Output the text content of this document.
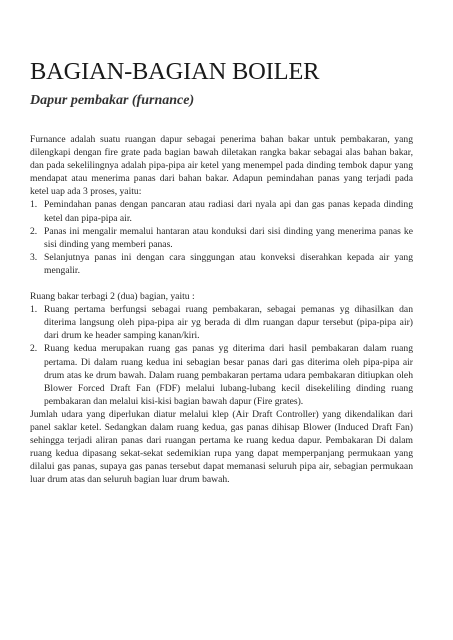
BAGIAN-BAGIAN BOILER
Dapur pembakar (furnance)

Furnance adalah suatu ruangan dapur sebagai penerima bahan bakar untuk pembakaran, yang dilengkapi dengan fire grate pada bagian bawah diletakan rangka bakar sebagai alas bahan bakar, dan pada sekelilingnya adalah pipa-pipa air ketel yang menempel pada dinding tembok dapur yang mendapat atau menerima panas dari bahan bakar. Adapun pemindahan panas yang terjadi pada ketel uap ada 3 proses, yaitu:

1. Pemindahan panas dengan pancaran atau radiasi dari nyala api dan gas panas kepada dinding ketel dan pipa-pipa air.
2. Panas ini mengalir memalui hantaran atau konduksi dari sisi dinding yang menerima panas ke sisi dinding yang memberi panas.
3. Selanjutnya panas ini dengan cara singgungan atau konveksi diserahkan kepada air yang mengalir.

Ruang bakar terbagi 2 (dua) bagian, yaitu :

1. Ruang pertama berfungsi sebagai ruang pembakaran, sebagai pemanas yg dihasilkan dan diterima langsung oleh pipa-pipa air yg berada di dlm ruangan dapur tersebut (pipa-pipa air) dari drum ke header samping kanan/kiri.
2. Ruang kedua merupakan ruang gas panas yg diterima dari hasil pembakaran dalam ruang pertama. Di dalam ruang kedua ini sebagian besar panas dari gas diterima oleh pipa-pipa air drum atas ke drum bawah. Dalam ruang pembakaran pertama udara pembakaran ditiupkan oleh Blower Forced Draft Fan (FDF) melalui lubang-lubang kecil disekeliling dinding ruang pembakaran dan melalui kisi-kisi bagian bawah dapur (Fire grates).

Jumlah udara yang diperlukan diatur melalui klep (Air Draft Controller) yang dikendalikan dari panel saklar ketel. Sedangkan dalam ruang kedua, gas panas dihisap Blower (Induced Draft Fan) sehingga terjadi aliran panas dari ruangan pertama ke ruang kedua dapur. Pembakaran Di dalam ruang kedua dipasang sekat-sekat sedemikian rupa yang dapat memperpanjang permukaan yang dilalui gas panas, supaya gas panas tersebut dapat memanasi seluruh pipa air, sebagian permukaan luar drum atas dan seluruh bagian luar drum bawah.
